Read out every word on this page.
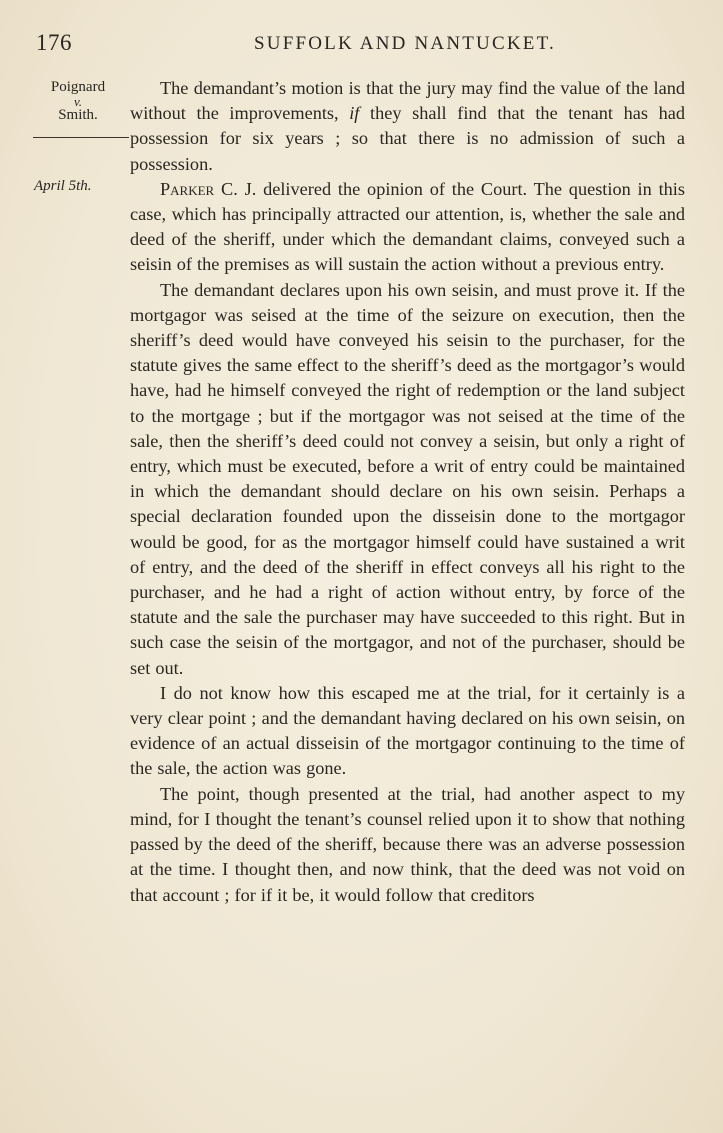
176	SUFFOLK AND NANTUCKET.
Poignard
v.
Smith.
April 5th.

The demandant’s motion is that the jury may find the value of the land without the improvements, if they shall find that the tenant has had possession for six years ; so that there is no admission of such a possession.

Parker C. J. delivered the opinion of the Court. The question in this case, which has principally attracted our attention, is, whether the sale and deed of the sheriff, under which the demandant claims, conveyed such a seisin of the premises as will sustain the action without a previous entry.

The demandant declares upon his own seisin, and must prove it. If the mortgagor was seised at the time of the seizure on execution, then the sheriff’s deed would have conveyed his seisin to the purchaser, for the statute gives the same effect to the sheriff’s deed as the mortgagor’s would have, had he himself conveyed the right of redemption or the land subject to the mortgage ; but if the mortgagor was not seised at the time of the sale, then the sheriff’s deed could not convey a seisin, but only a right of entry, which must be executed, before a writ of entry could be maintained in which the demandant should declare on his own seisin. Perhaps a special declaration founded upon the disseisin done to the mortgagor would be good, for as the mortgagor himself could have sustained a writ of entry, and the deed of the sheriff in effect conveys all his right to the purchaser, and he had a right of action without entry, by force of the statute and the sale the purchaser may have succeeded to this right. But in such case the seisin of the mortgagor, and not of the purchaser, should be set out.

I do not know how this escaped me at the trial, for it certainly is a very clear point ; and the demandant having declared on his own seisin, on evidence of an actual disseisin of the mortgagor continuing to the time of the sale, the action was gone.

The point, though presented at the trial, had another aspect to my mind, for I thought the tenant’s counsel relied upon it to show that nothing passed by the deed of the sheriff, because there was an adverse possession at the time. I thought then, and now think, that the deed was not void on that account ; for if it be, it would follow that creditors
